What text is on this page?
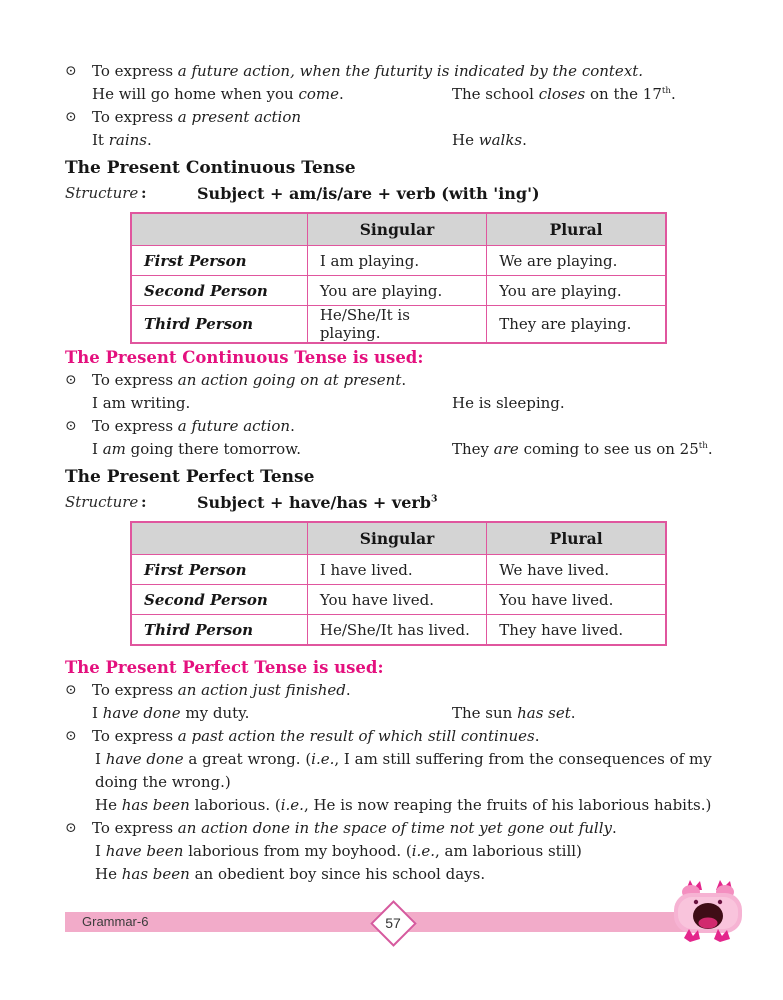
⊙	To express a future action, when the futurity is indicated by the context.
He will go home when you come.	The school closes on the 17th.
⊙	To express a present action
It rains.	He walks.
The Present Continuous Tense
Structure :	Subject + am/is/are + verb (with 'ing')
	Singular	Plural
First Person	I am playing.	We are playing.
Second Person	You are playing.	You are playing.
Third Person	He/She/It is playing.	They are playing.
The Present Continuous Tense is used:
⊙	To express an action going on at present.
I am writing.	He is sleeping.
⊙	To express a future action.
I am going there tomorrow.	They are coming to see us on 25th.
The Present Perfect Tense
Structure :	Subject + have/has + verb$^3$
	Singular	Plural
First Person	I have lived.	We have lived.
Second Person	You have lived.	You have lived.
Third Person	He/She/It has lived.	They have lived.
The Present Perfect Tense is used:
⊙	To express an action just finished.
I have done my duty.	The sun has set.
⊙	To express a past action the result of which still continues.
I have done a great wrong. (i.e., I am still suffering from the consequences of my doing the wrong.)
He has been laborious. (i.e., He is now reaping the fruits of his laborious habits.)
⊙	To express an action done in the space of time not yet gone out fully.
I have been laborious from my boyhood. (i.e., am laborious still)
He has been an obedient boy since his school days.
Grammar-6	57
